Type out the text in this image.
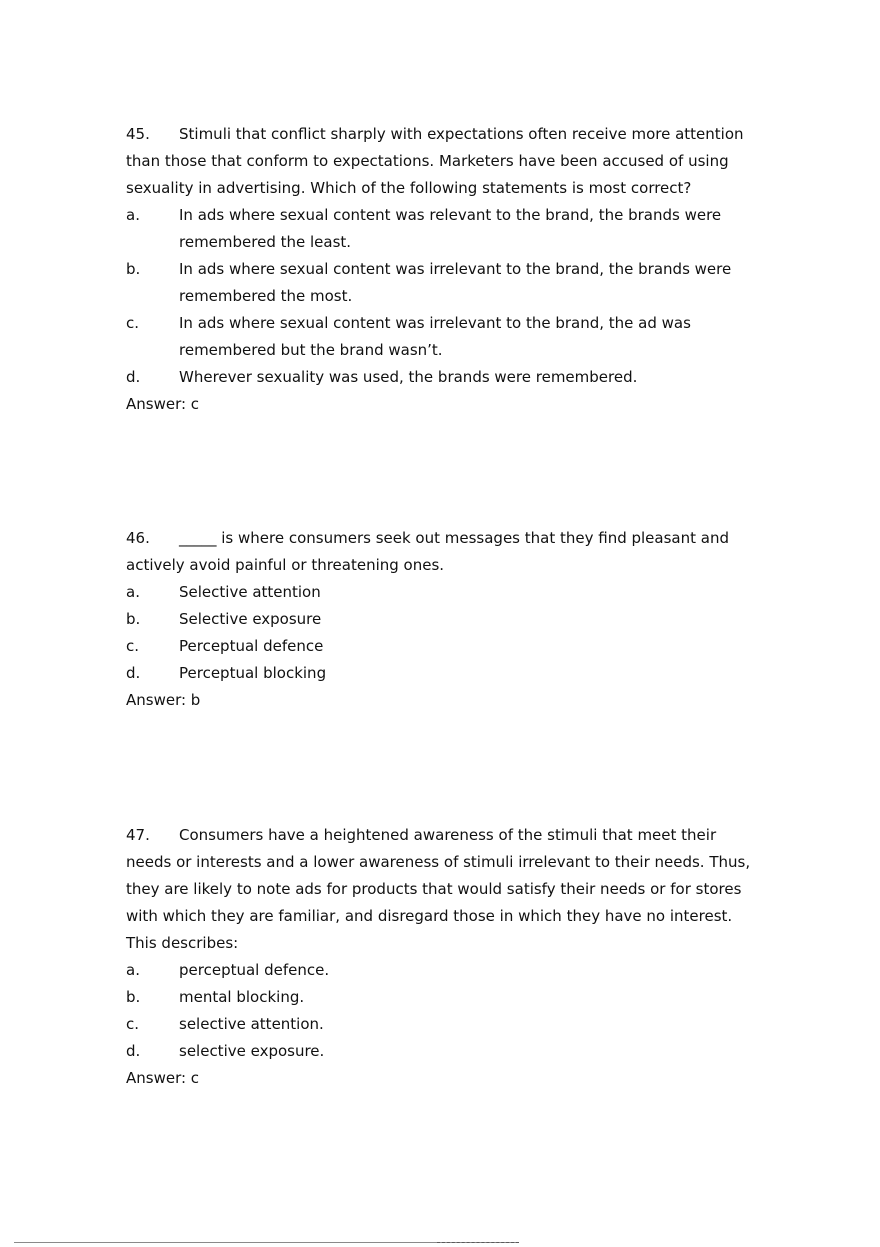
45. Stimuli that conflict sharply with expectations often receive more attention than those that conform to expectations. Marketers have been accused of using sexuality in advertising. Which of the following statements is most correct?

a.	In ads where sexual content was relevant to the brand, the brands were remembered the least.
b.	In ads where sexual content was irrelevant to the brand, the brands were remembered the most.
c.	In ads where sexual content was irrelevant to the brand, the ad was remembered but the brand wasn’t.
d.	Wherever sexuality was used, the brands were remembered.

Answer: c

46. _____ is where consumers seek out messages that they find pleasant and actively avoid painful or threatening ones.

a.	Selective attention
b.	Selective exposure
c.	Perceptual defence
d.	Perceptual blocking

Answer: b

47. Consumers have a heightened awareness of the stimuli that meet their needs or interests and a lower awareness of stimuli irrelevant to their needs. Thus, they are likely to note ads for products that would satisfy their needs or for stores with which they are familiar, and disregard those in which they have no interest. This describes:

a.	perceptual defence.
b.	mental blocking.
c.	selective attention.
d.	selective exposure.

Answer: c
